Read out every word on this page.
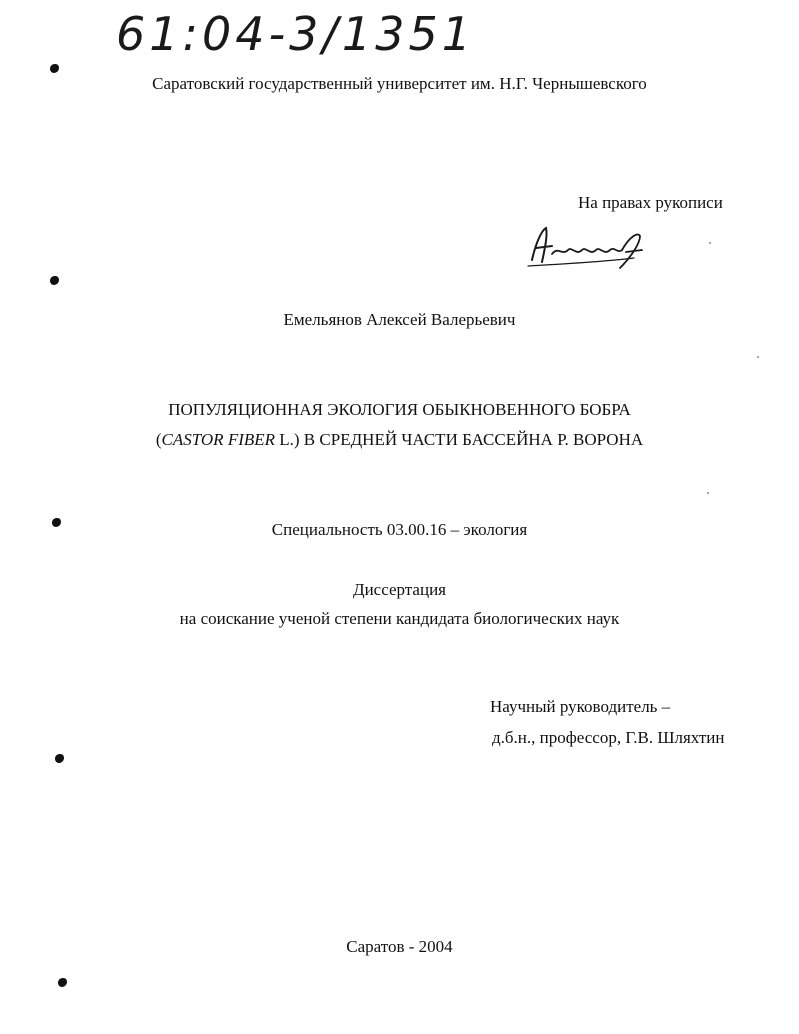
61:04-3/1351
Саратовский государственный университет им. Н.Г. Чернышевского
На правах рукописи
Емельянов Алексей Валерьевич
ПОПУЛЯЦИОННАЯ ЭКОЛОГИЯ ОБЫКНОВЕННОГО БОБРА
(CASTOR FIBER L.) В СРЕДНЕЙ ЧАСТИ БАССЕЙНА Р. ВОРОНА
Специальность 03.00.16 – экология
Диссертация
на соискание ученой степени кандидата биологических наук
Научный руководитель –
д.б.н., профессор, Г.В. Шляхтин
Саратов - 2004
